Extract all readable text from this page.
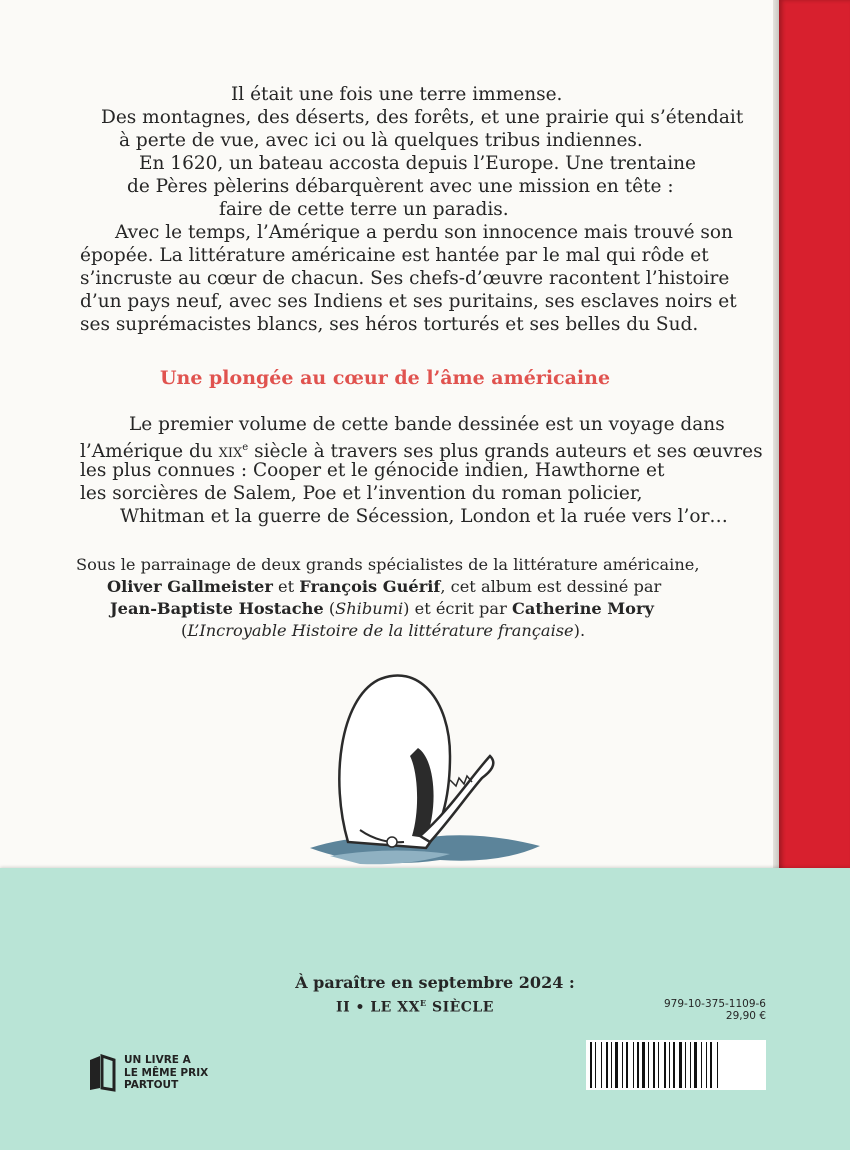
Il était une fois une terre immense.
Des montagnes, des déserts, des forêts, et une prairie qui s’étendait
à perte de vue, avec ici ou là quelques tribus indiennes.
En 1620, un bateau accosta depuis l’Europe. Une trentaine
de Pères pèlerins débarquèrent avec une mission en tête :
faire de cette terre un paradis.
Avec le temps, l’Amérique a perdu son innocence mais trouvé son
épopée. La littérature américaine est hantée par le mal qui rôde et
s’incruste au cœur de chacun. Ses chefs-d’œuvre racontent l’histoire
d’un pays neuf, avec ses Indiens et ses puritains, ses esclaves noirs et
ses suprémacistes blancs, ses héros torturés et ses belles du Sud.
Une plongée au cœur de l’âme américaine
Le premier volume de cette bande dessinée est un voyage dans
l’Amérique du xix$^e$ siècle à travers ses plus grands auteurs et ses œuvres
les plus connues : Cooper et le génocide indien, Hawthorne et
les sorcières de Salem, Poe et l’invention du roman policier,
Whitman et la guerre de Sécession, London et la ruée vers l’or…
Sous le parrainage de deux grands spécialistes de la littérature américaine,
Oliver Gallmeister et François Guérif, cet album est dessiné par
Jean-Baptiste Hostache (Shibumi) et écrit par Catherine Mory
(L’Incroyable Histoire de la littérature française).
À paraître en septembre 2024 :
II • LE $XX^E$ SIÈCLE
UN LIVRE A
LE MÊME PRIX
PARTOUT
979-10-375-1109-6
29,90 €
